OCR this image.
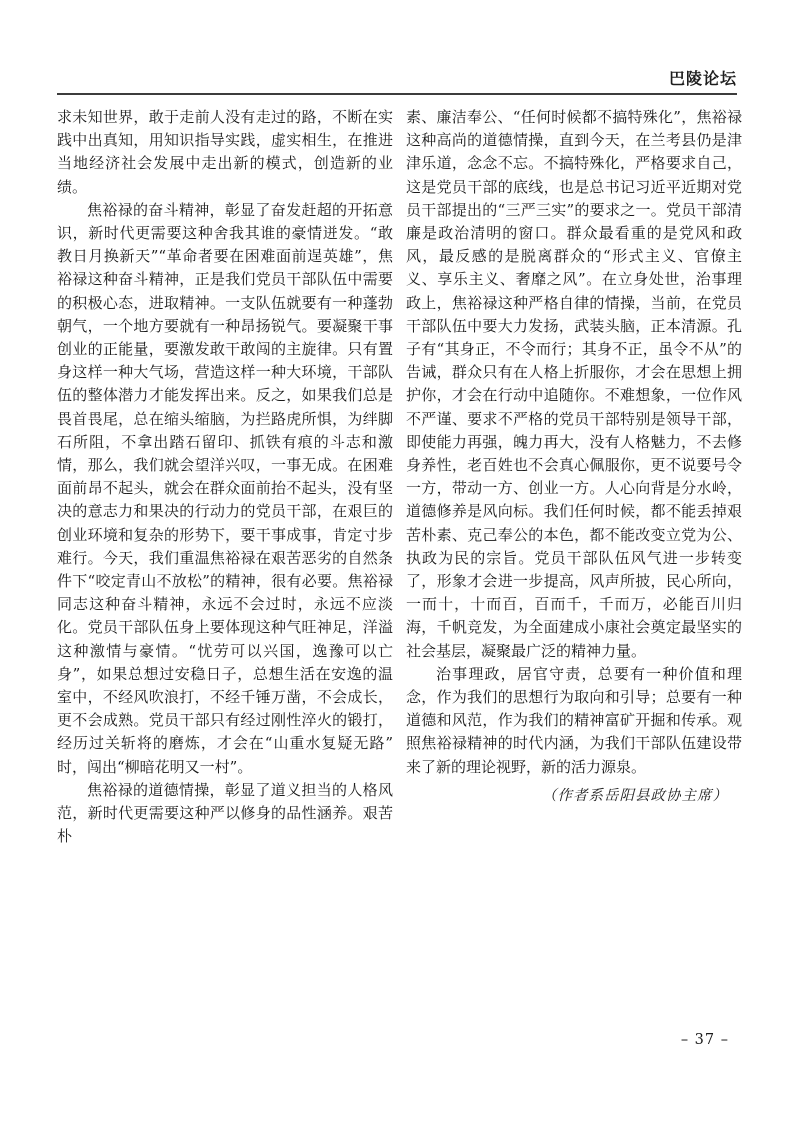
巴陵论坛

求未知世界，敢于走前人没有走过的路，不断在实践中出真知，用知识指导实践，虚实相生，在推进当地经济社会发展中走出新的模式，创造新的业绩。

焦裕禄的奋斗精神，彰显了奋发赶超的开拓意识，新时代更需要这种舍我其谁的豪情迸发。“敢教日月换新天”“革命者要在困难面前逞英雄”，焦裕禄这种奋斗精神，正是我们党员干部队伍中需要的积极心态，进取精神。一支队伍就要有一种蓬勃朝气，一个地方要就有一种昂扬锐气。要凝聚干事创业的正能量，要激发敢干敢闯的主旋律。只有置身这样一种大气场，营造这样一种大环境，干部队伍的整体潜力才能发挥出来。反之，如果我们总是畏首畏尾，总在缩头缩脑，为拦路虎所惧，为绊脚石所阻，不拿出踏石留印、抓铁有痕的斗志和激情，那么，我们就会望洋兴叹，一事无成。在困难面前昂不起头，就会在群众面前抬不起头，没有坚决的意志力和果决的行动力的党员干部，在艰巨的创业环境和复杂的形势下，要干事成事，肯定寸步难行。今天，我们重温焦裕禄在艰苦恶劣的自然条件下“咬定青山不放松”的精神，很有必要。焦裕禄同志这种奋斗精神，永远不会过时，永远不应淡化。党员干部队伍身上要体现这种气旺神足，洋溢这种激情与豪情。“忧劳可以兴国，逸豫可以亡身”，如果总想过安稳日子，总想生活在安逸的温室中，不经风吹浪打，不经千锤万凿，不会成长，更不会成熟。党员干部只有经过刚性淬火的锻打，经历过关斩将的磨炼，才会在“山重水复疑无路”时，闯出“柳暗花明又一村”。

焦裕禄的道德情操，彰显了道义担当的人格风范，新时代更需要这种严以修身的品性涵养。艰苦朴

素、廉洁奉公、“任何时候都不搞特殊化”，焦裕禄这种高尚的道德情操，直到今天，在兰考县仍是津津乐道，念念不忘。不搞特殊化，严格要求自己，这是党员干部的底线，也是总书记习近平近期对党员干部提出的“三严三实”的要求之一。党员干部清廉是政治清明的窗口。群众最看重的是党风和政风，最反感的是脱离群众的“形式主义、官僚主义、享乐主义、奢靡之风”。在立身处世，治事理政上，焦裕禄这种严格自律的情操，当前，在党员干部队伍中要大力发扬，武装头脑，正本清源。孔子有“其身正，不令而行；其身不正，虽令不从”的告诫，群众只有在人格上折服你，才会在思想上拥护你，才会在行动中追随你。不难想象，一位作风不严谨、要求不严格的党员干部特别是领导干部，即使能力再强，魄力再大，没有人格魅力，不去修身养性，老百姓也不会真心佩服你，更不说要号令一方，带动一方、创业一方。人心向背是分水岭，道德修养是风向标。我们任何时候，都不能丢掉艰苦朴素、克己奉公的本色，都不能改变立党为公、执政为民的宗旨。党员干部队伍风气进一步转变了，形象才会进一步提高，风声所披，民心所向，一而十，十而百，百而千，千而万，必能百川归海，千帆竞发，为全面建成小康社会奠定最坚实的社会基层，凝聚最广泛的精神力量。

治事理政，居官守责，总要有一种价值和理念，作为我们的思想行为取向和引导；总要有一种道德和风范，作为我们的精神富矿开掘和传承。观照焦裕禄精神的时代内涵，为我们干部队伍建设带来了新的理论视野，新的活力源泉。

（作者系岳阳县政协主席）

– 37 –
